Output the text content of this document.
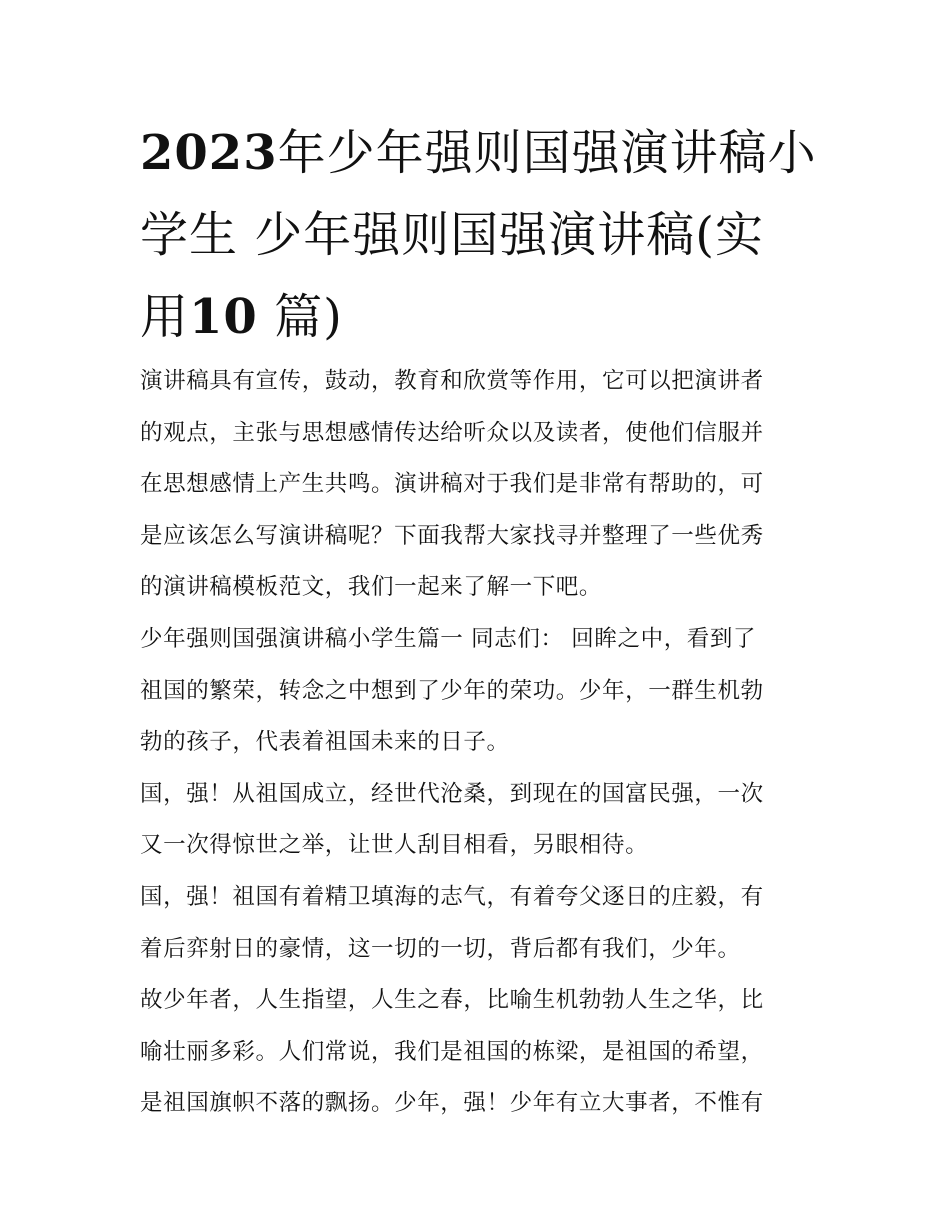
2023年少年强则国强演讲稿小
学生 少年强则国强演讲稿(实
用10 篇)

演讲稿具有宣传，鼓动，教育和欣赏等作用，它可以把演讲者
的观点，主张与思想感情传达给听众以及读者，使他们信服并
在思想感情上产生共鸣。演讲稿对于我们是非常有帮助的，可
是应该怎么写演讲稿呢？下面我帮大家找寻并整理了一些优秀
的演讲稿模板范文，我们一起来了解一下吧。

少年强则国强演讲稿小学生篇一 同志们： 回眸之中，看到了
祖国的繁荣，转念之中想到了少年的荣功。少年，一群生机勃
勃的孩子，代表着祖国未来的日子。

国，强！从祖国成立，经世代沧桑，到现在的国富民强，一次
又一次得惊世之举，让世人刮目相看，另眼相待。

国，强！祖国有着精卫填海的志气，有着夸父逐日的庄毅，有
着后弈射日的豪情，这一切的一切，背后都有我们，少年。

故少年者，人生指望，人生之春，比喻生机勃勃人生之华，比
喻壮丽多彩。人们常说，我们是祖国的栋梁，是祖国的希望，
是祖国旗帜不落的飘扬。少年，强！少年有立大事者，不惟有
